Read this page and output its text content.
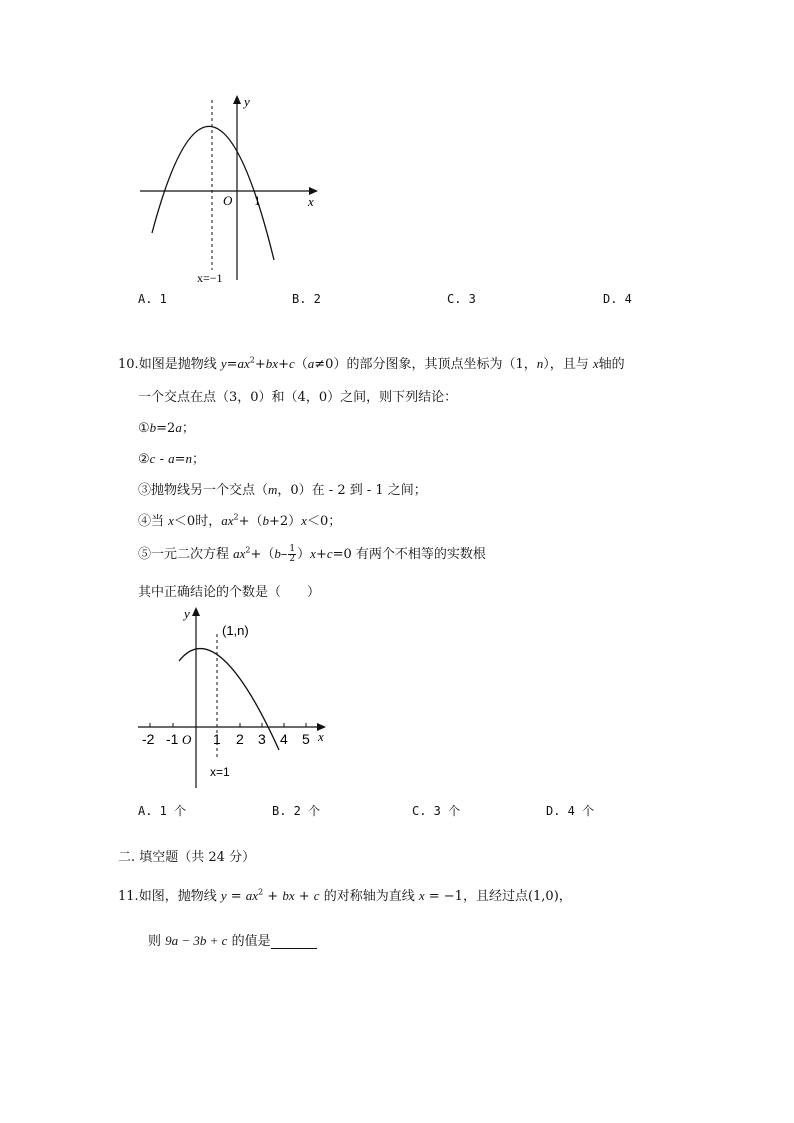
y
x
O 1
x=−1
A. 1	B. 2	C. 3	D. 4
10.如图是抛物线 $y=ax^2+bx+c(a\ne 0)$的部分图象，其顶点坐标为（1，n），且与 x轴的
一个交点在点（3，0）和（4，0）之间，则下列结论：
①b=2a；
②c - a=n；
③抛物线另一个交点（m，0）在 - 2 到 - 1 之间；
④当 x＜0时，$ax^2+(b+2)x<0$；
⑤一元二次方程 $ax^2+(b- \frac{1}{2} )x+c=0$ 有两个不相等的实数根
其中正确结论的个数是（　　）
-2 -1 O 1 2 3 4 5
y
x
(1,n)
x=1
A. 1 个	B. 2 个	C. 3 个	D. 4 个
二. 填空题（共 24 分）
11.如图，抛物线 $y = ax^2$ + bx + c 的对称轴为直线 x = −1，且经过点(1,0)，
则 9a − 3b + c 的值是
